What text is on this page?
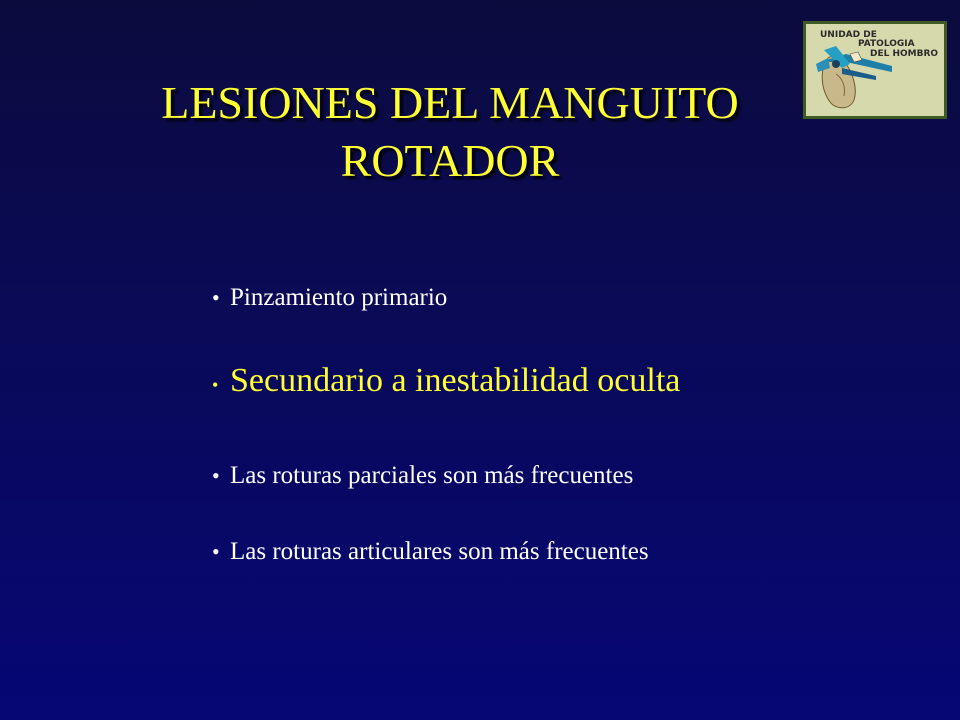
LESIONES DEL MANGUITO ROTADOR
• Pinzamiento primario
• Secundario a inestabilidad oculta
• Las roturas parciales son más frecuentes
• Las roturas articulares son más frecuentes
UNIDAD DE
PATOLOGIA
DEL HOMBRO
